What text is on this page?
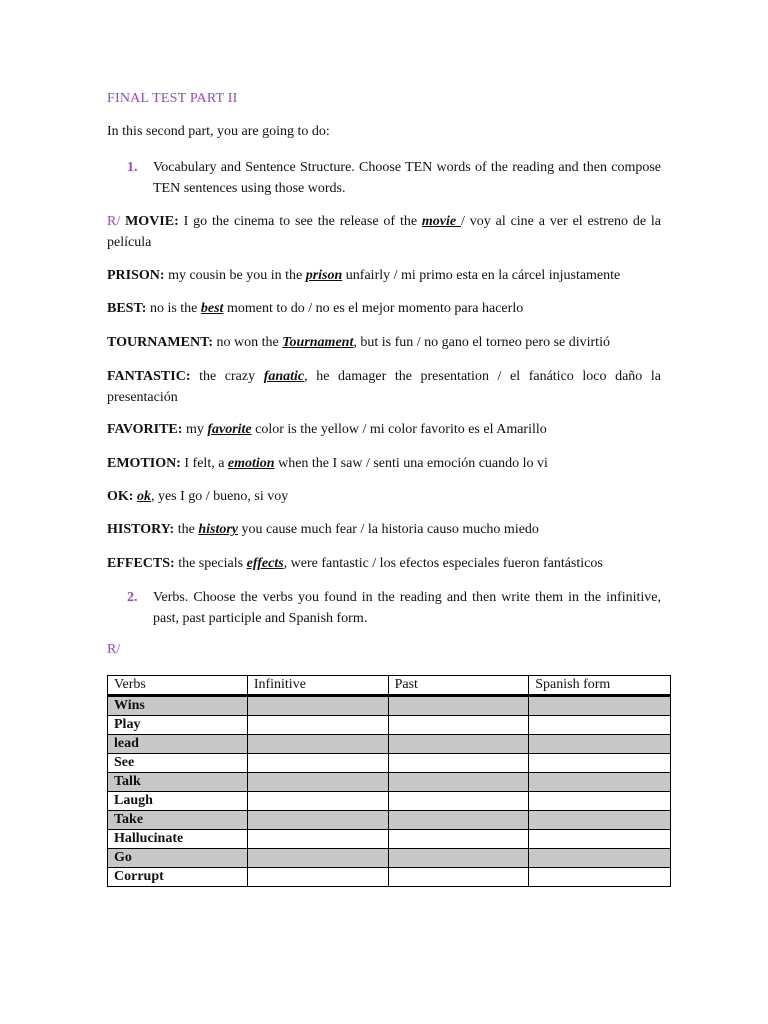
FINAL TEST PART II
In this second part, you are going to do:
1. Vocabulary and Sentence Structure. Choose TEN words of the reading and then compose TEN sentences using those words.
R/ MOVIE: I go the cinema to see the release of the movie / voy al cine a ver el estreno de la película
PRISON: my cousin be you in the prison unfairly / mi primo esta en la cárcel injustamente
BEST: no is the best moment to do / no es el mejor momento para hacerlo
TOURNAMENT: no won the Tournament, but is fun / no gano el torneo pero se divirtió
FANTASTIC: the crazy fanatic, he damager the presentation / el fanático loco daño la presentación
FAVORITE: my favorite color is the yellow / mi color favorito es el Amarillo
EMOTION: I felt, a emotion when the I saw / senti una emoción cuando lo vi
OK: ok, yes I go / bueno, si voy
HISTORY: the history you cause much fear / la historia causo mucho miedo
EFFECTS: the specials effects, were fantastic / los efectos especiales fueron fantásticos
2. Verbs. Choose the verbs you found in the reading and then write them in the infinitive, past, past participle and Spanish form.
R/
Verbs	Infinitive	Past	Spanish form
Wins			
Play			
lead			
See			
Talk			
Laugh			
Take			
Hallucinate			
Go			
Corrupt			
